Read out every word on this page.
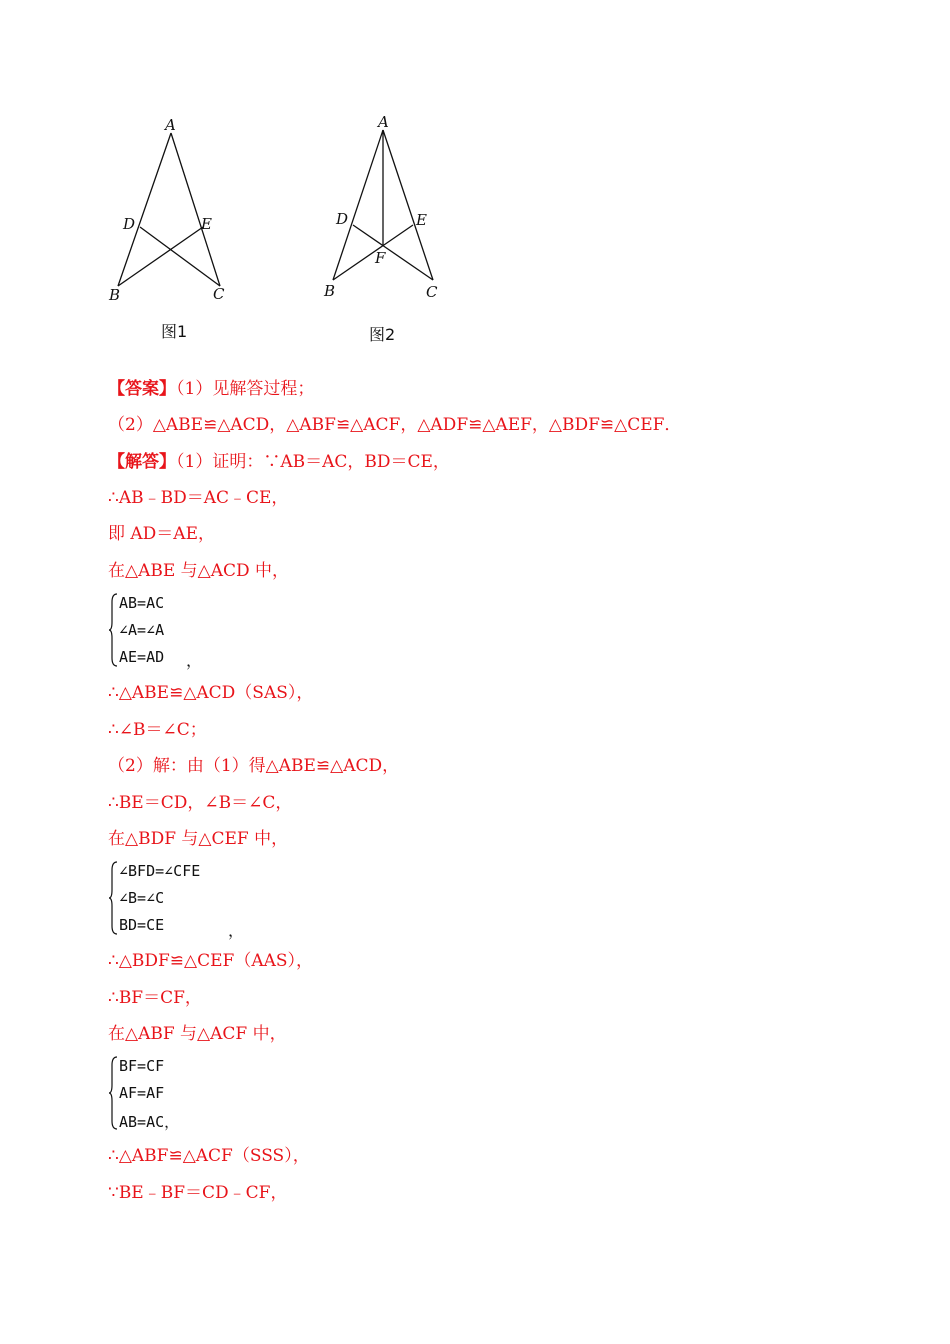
A
D	E
B	C
A
D	E
F
B	C
图1	图2
【答案】（1）见解答过程；
（2）△ABE≌△ACD，△ABF≌△ACF，△ADF≌△AEF，△BDF≌△CEF．
【解答】（1）证明：∵AB＝AC，BD＝CE，
∴AB﹣BD＝AC﹣CE，
即 AD＝AE，
在△ABE 与△ACD 中，
AB=AC
∠A=∠A
AE=AD ，
∴△ABE≌△ACD（SAS），
∴∠B＝∠C；
（2）解：由（1）得△ABE≌△ACD，
∴BE＝CD，∠B＝∠C，
在△BDF 与△CEF 中，
∠BFD=∠CFE
∠B=∠C
BD=CE	，
∴△BDF≌△CEF（AAS），
∴BF＝CF，
在△ABF 与△ACF 中，
BF=CF
AF=AF
AB=AC，
∴△ABF≌△ACF（SSS），
∵BE﹣BF＝CD﹣CF，
